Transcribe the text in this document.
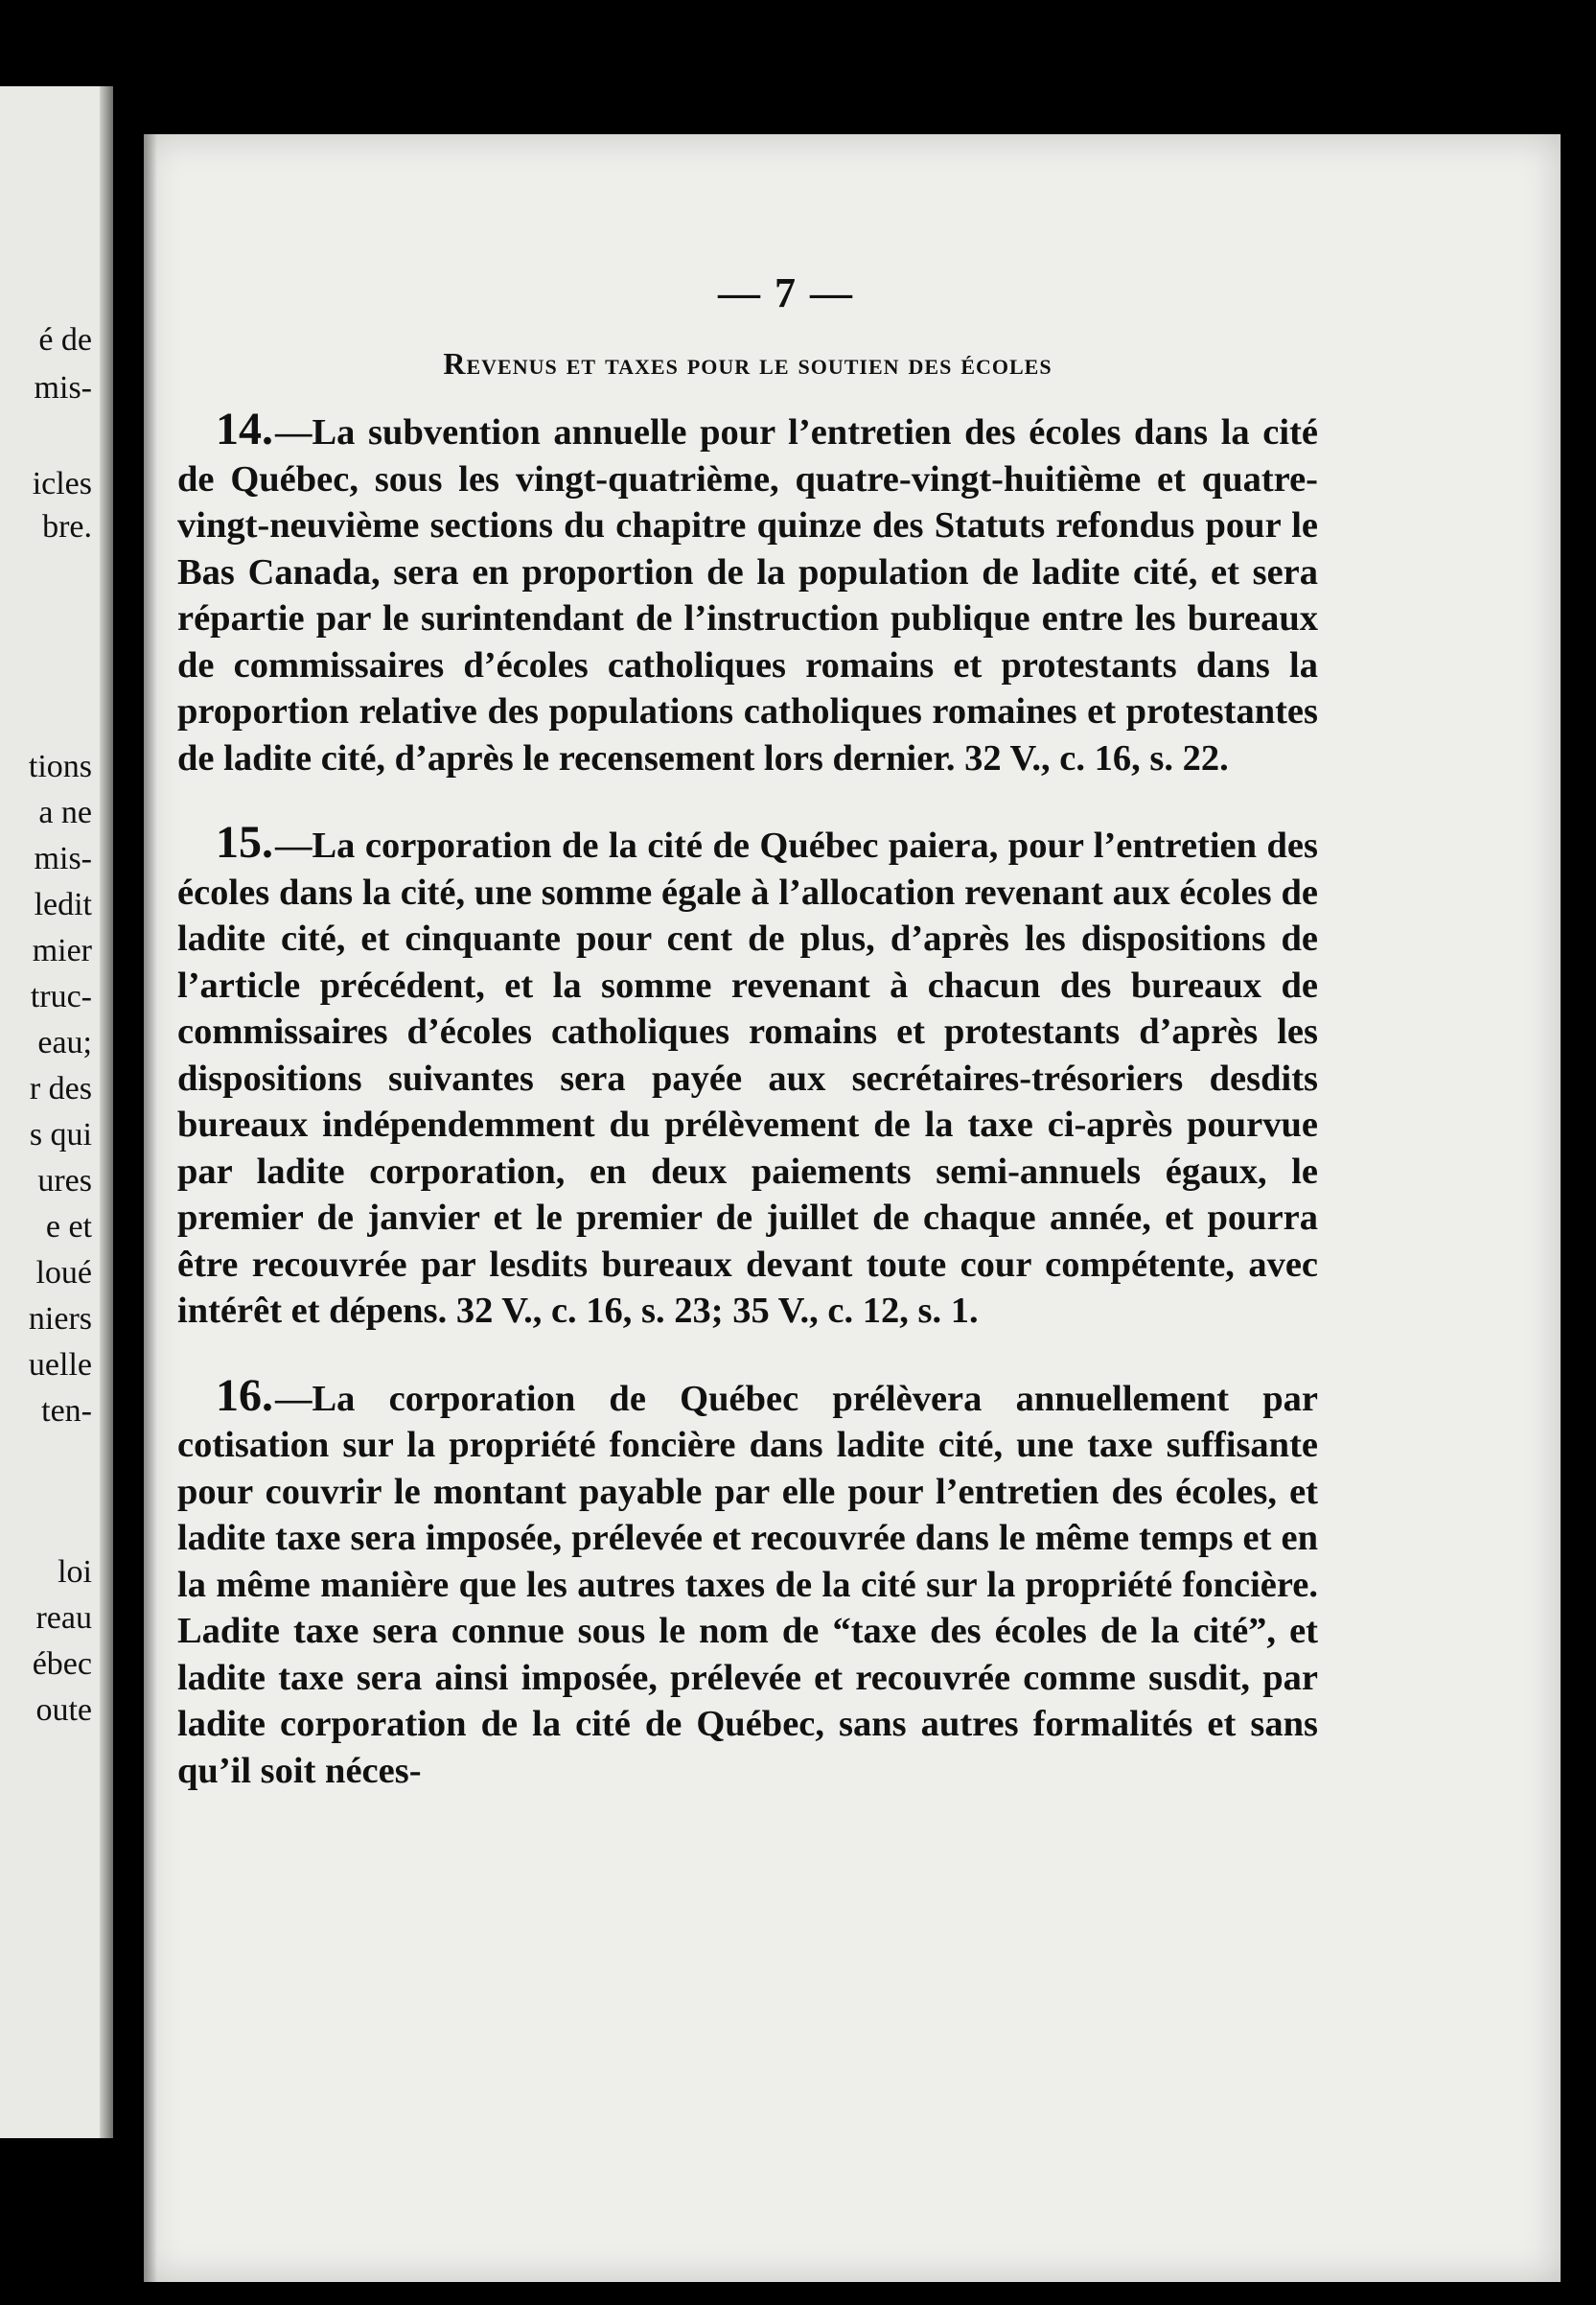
é de
mis-
icles
bre.
tions
a ne
mis-
ledit
mier
truc-
eau;
r des
s qui
ures
e et
loué
niers
uelle
ten-
loi
reau
ébec
oute
— 7 —
Revenus et taxes pour le soutien des écoles

14.—La subvention annuelle pour l’entretien des écoles dans la cité de Québec, sous les vingt-quatrième, quatre-vingt-huitième et quatre-vingt-neuvième sections du chapitre quinze des Statuts refondus pour le Bas Canada, sera en proportion de la population de ladite cité, et sera répartie par le surintendant de l’instruction publique entre les bureaux de commissaires d’écoles catholiques romains et protestants dans la proportion relative des populations catholiques romaines et protestantes de ladite cité, d’après le recensement lors dernier. 32 V., c. 16, s. 22.

15.—La corporation de la cité de Québec paiera, pour l’entretien des écoles dans la cité, une somme égale à l’allocation revenant aux écoles de ladite cité, et cinquante pour cent de plus, d’après les dispositions de l’article précédent, et la somme revenant à chacun des bureaux de commissaires d’écoles catholiques romains et protestants d’après les dispositions suivantes sera payée aux secrétaires-trésoriers desdits bureaux indépendemment du prélèvement de la taxe ci-après pourvue par ladite corporation, en deux paiements semi-annuels égaux, le premier de janvier et le premier de juillet de chaque année, et pourra être recouvrée par lesdits bureaux devant toute cour compétente, avec intérêt et dépens. 32 V., c. 16, s. 23; 35 V., c. 12, s. 1.

16.—La corporation de Québec prélèvera annuellement par cotisation sur la propriété foncière dans ladite cité, une taxe suffisante pour couvrir le montant payable par elle pour l’entretien des écoles, et ladite taxe sera imposée, prélevée et recouvrée dans le même temps et en la même manière que les autres taxes de la cité sur la propriété foncière. Ladite taxe sera connue sous le nom de “taxe des écoles de la cité”, et ladite taxe sera ainsi imposée, prélevée et recouvrée comme susdit, par ladite corporation de la cité de Québec, sans autres formalités et sans qu’il soit néces-
